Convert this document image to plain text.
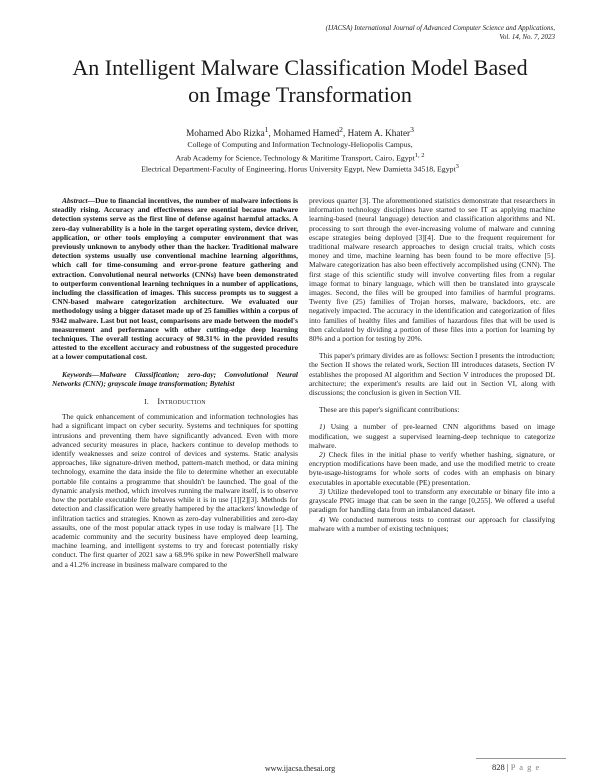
(IJACSA) International Journal of Advanced Computer Science and Applications,
Vol. 14, No. 7, 2023
An Intelligent Malware Classification Model Based
on Image Transformation
Mohamed Abo Rizka$^1$, Mohamed Hamed$^2$, Hatem A. Khater$^3$
College of Computing and Information Technology-Heliopolis Campus,
Arab Academy for Science, Technology & Maritime Transport, Cairo, Egypt$^{1, 2}$
Electrical Department-Faculty of Engineering, Horus University Egypt, New Damietta 34518, Egypt$^3$

Abstract—Due to financial incentives, the number of malware infections is steadily rising. Accuracy and effectiveness are essential because malware detection systems serve as the first line of defense against harmful attacks. A zero-day vulnerability is a hole in the target operating system, device driver, application, or other tools employing a computer environment that was previously unknown to anybody other than the hacker. Traditional malware detection systems usually use conventional machine learning algorithms, which call for time-consuming and error-prone feature gathering and extraction. Convolutional neural networks (CNNs) have been demonstrated to outperform conventional learning techniques in a number of applications, including the classification of images. This success prompts us to suggest a CNN-based malware categorization architecture. We evaluated our methodology using a bigger dataset made up of 25 families within a corpus of 9342 malware. Last but not least, comparisons are made between the model's measurement and performance with other cutting-edge deep learning techniques. The overall testing accuracy of 98.31% in the provided results attested to the excellent accuracy and robustness of the suggested procedure at a lower computational cost.

Keywords—Malware Classification; zero-day; Convolutional Neural Networks (CNN); grayscale image transformation; Bytehist

I. Introduction

The quick enhancement of communication and information technologies has had a significant impact on cyber security. Systems and techniques for spotting intrusions and preventing them have significantly advanced. Even with more advanced security measures in place, hackers continue to develop methods to identify weaknesses and seize control of devices and systems. Static analysis approaches, like signature-driven method, pattern-match method, or data mining technology, examine the data inside the file to determine whether an executable portable file contains a programme that shouldn't be launched. The goal of the dynamic analysis method, which involves running the malware itself, is to observe how the portable executable file behaves while it is in use [1][2][3]. Methods for detection and classification were greatly hampered by the attackers' knowledge of infiltration tactics and strategies. Known as zero-day vulnerabilities and zero-day assaults, one of the most popular attack types in use today is malware [1]. The academic community and the security business have employed deep learning, machine learning, and intelligent systems to try and forecast potentially risky conduct. The first quarter of 2021 saw a 68.9% spike in new PowerShell malware and a 41.2% increase in business malware compared to the

previous quarter [3]. The aforementioned statistics demonstrate that researchers in information technology disciplines have started to see IT as applying machine learning-based (neural language) detection and classification algorithms and NL processing to sort through the ever-increasing volume of malware and cunning escape strategies being deployed [3][4]. Due to the frequent requirement for traditional malware research approaches to design crucial traits, which costs money and time, machine learning has been found to be more effective [5]. Malware categorization has also been effectively accomplished using (CNN). The first stage of this scientific study will involve converting files from a regular image format to binary language, which will then be translated into grayscale images. Second, the files will be grouped into families of harmful programs. Twenty five (25) families of Trojan horses, malware, backdoors, etc. are negatively impacted. The accuracy in the identification and categorization of files into families of healthy files and families of hazardous files that will be used is then calculated by dividing a portion of these files into a portion for learning by 80% and a portion for testing by 20%.

This paper's primary divides are as follows: Section I presents the introduction; the Section II shows the related work, Section III introduces datasets, Section IV establishes the proposed AI algorithm and Section V introduces the proposed DL architecture; the experiment's results are laid out in Section VI, along with discussions; the conclusion is given in Section VII.

These are this paper's significant contributions:

1) Using a number of pre-learned CNN algorithms based on image modification, we suggest a supervised learning-deep technique to categorize malware.

2) Check files in the initial phase to verify whether hashing, signature, or encryption modifications have been made, and use the modified metric to create byte-usage-histograms for whole sorts of codes with an emphasis on binary executables in aportable executable (PE) presentation.

3) Utilize thedeveloped tool to transform any executable or binary file into a grayscale PNG image that can be seen in the range [0,255]. We offered a useful paradigm for handling data from an imbalanced dataset.

4) We conducted numerous tests to contrast our approach for classifying malware with a number of existing techniques;

828 | P a g e
www.ijacsa.thesai.org
